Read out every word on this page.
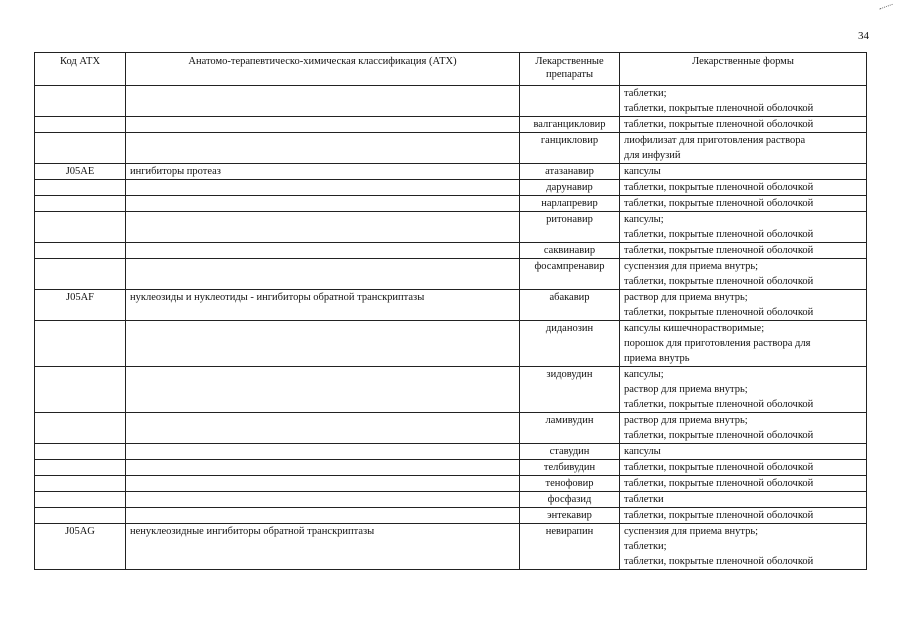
34
Код АТХ	Анатомо-терапевтическо-химическая классификация (АТХ)	Лекарственные препараты	Лекарственные формы

			таблетки;
таблетки, покрытые пленочной оболочкой

		валганцикловир	таблетки, покрытые пленочной оболочкой

		ганцикловир	лиофилизат для приготовления раствора
для инфузий

J05AE	ингибиторы протеаз	атазанавир	капсулы

		дарунавир	таблетки, покрытые пленочной оболочкой

		нарлапревир	таблетки, покрытые пленочной оболочкой

		ритонавир	капсулы;
таблетки, покрытые пленочной оболочкой

		саквинавир	таблетки, покрытые пленочной оболочкой

		фосампренавир	суспензия для приема внутрь;
таблетки, покрытые пленочной оболочкой

J05AF	нуклеозиды и нуклеотиды - ингибиторы обратной транскриптазы	абакавир	раствор для приема внутрь;
таблетки, покрытые пленочной оболочкой

		диданозин	капсулы кишечнорастворимые;
порошок для приготовления раствора для
приема внутрь

		зидовудин	капсулы;
раствор для приема внутрь;
таблетки, покрытые пленочной оболочкой

		ламивудин	раствор для приема внутрь;
таблетки, покрытые пленочной оболочкой

		ставудин	капсулы

		телбивудин	таблетки, покрытые пленочной оболочкой

		тенофовир	таблетки, покрытые пленочной оболочкой

		фосфазид	таблетки

		энтекавир	таблетки, покрытые пленочной оболочкой

J05AG	ненуклеозидные ингибиторы обратной транскриптазы	невирапин	суспензия для приема внутрь;
таблетки;
таблетки, покрытые пленочной оболочкой
